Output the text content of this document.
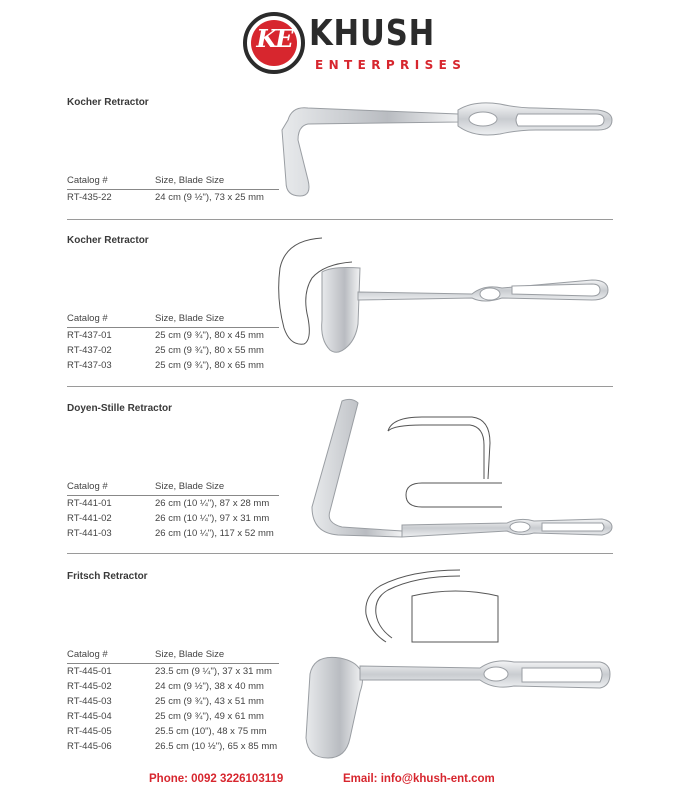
KE KHUSH
ENTERPRISES
Kocher Retractor
Catalog #	Size, Blade Size
RT-435-22	24 cm (9 ½"), 73 x 25 mm
Kocher Retractor
Catalog #	Size, Blade Size
RT-437-01	25 cm (9 ¾"), 80 x 45 mm
RT-437-02	25 cm (9 ¾"), 80 x 55 mm
RT-437-03	25 cm (9 ¾"), 80 x 65 mm
Doyen-Stille Retractor
Catalog #	Size, Blade Size
RT-441-01	26 cm (10 ¼"), 87 x 28 mm
RT-441-02	26 cm (10 ¼"), 97 x 31 mm
RT-441-03	26 cm (10 ¼"), 117 x 52 mm
Fritsch Retractor
Catalog #	Size, Blade Size
RT-445-01	23.5 cm (9 ¼"), 37 x 31 mm
RT-445-02	24 cm (9 ½"), 38 x 40 mm
RT-445-03	25 cm (9 ¾"), 43 x 51 mm
RT-445-04	25 cm (9 ¾"), 49 x 61 mm
RT-445-05	25.5 cm (10"), 48 x 75 mm
RT-445-06	26.5 cm (10 ½"), 65 x 85 mm
Phone: 0092 3226103119	Email: info@khush-ent.com
